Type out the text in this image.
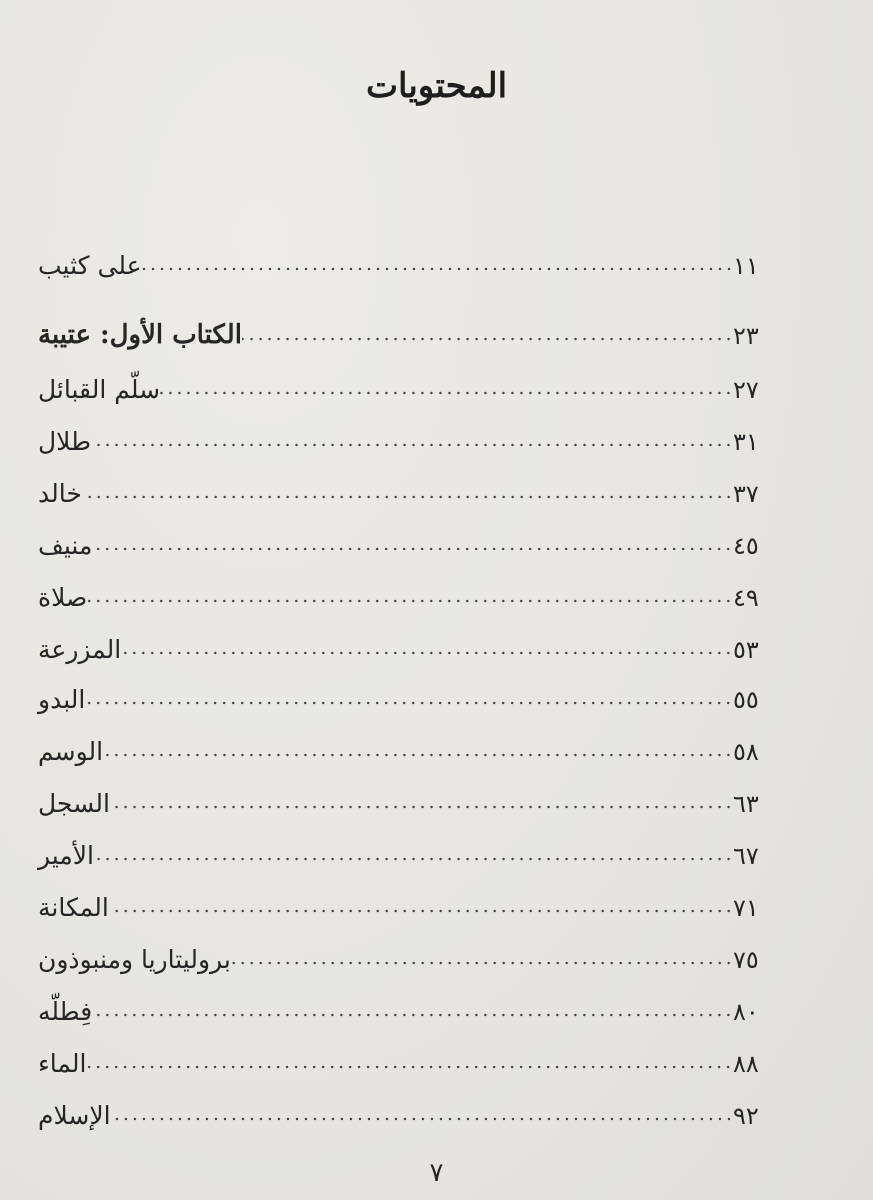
المحتويات
على كثيب	١١
الكتاب الأول: عتيبة	٢٣
سلّم القبائل	٢٧
طلال	٣١
خالد	٣٧
منيف	٤٥
صلاة	٤٩
المزرعة	٥٣
البدو	٥٥
الوسم	٥٨
السجل	٦٣
الأمير	٦٧
المكانة	٧١
بروليتاريا ومنبوذون	٧٥
فِطلّه	٨٠
الماء	٨٨
الإسلام	٩٢
٧
